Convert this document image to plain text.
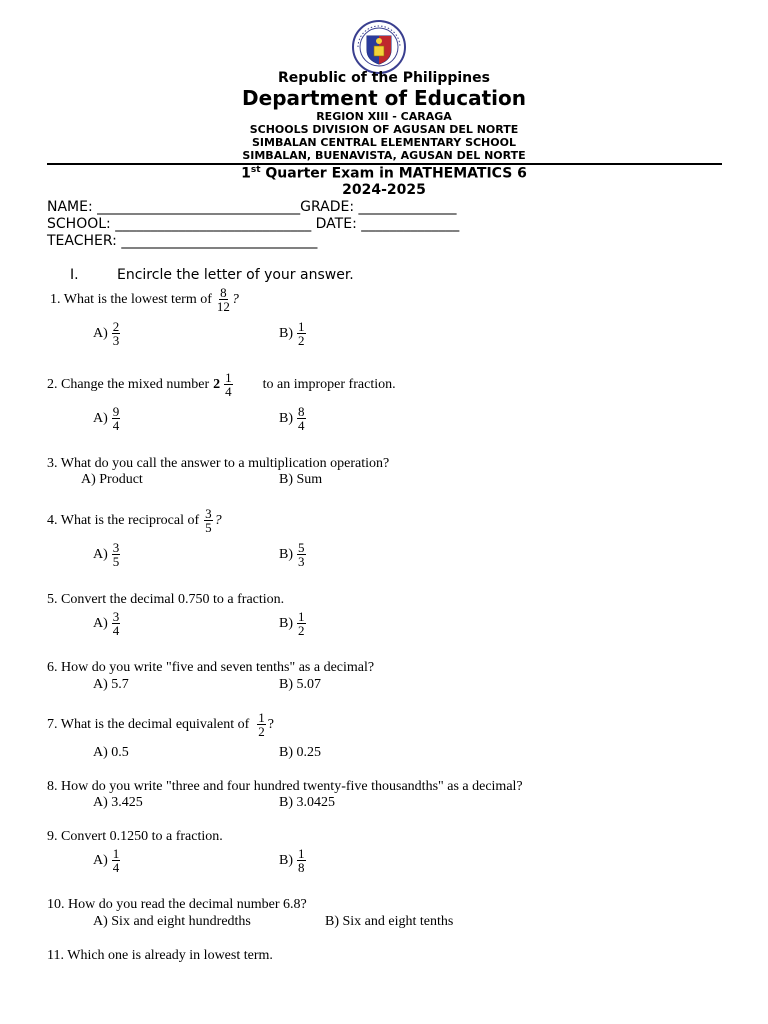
Republic of the Philippines
Department of Education
REGION XIII - CARAGA
SCHOOLS DIVISION OF AGUSAN DEL NORTE
SIMBALAN CENTRAL ELEMENTARY SCHOOL
SIMBALAN, BUENAVISTA, AGUSAN DEL NORTE
1st Quarter Exam in MATHEMATICS 6
2024-2025
NAME: _____________________________GRADE: ______________
SCHOOL: ____________________________ DATE: ______________
TEACHER: ____________________________
I.	Encircle the letter of your answer.
1. What is the lowest term of $\frac{8}{12}$ ?
$A) \frac{2}{3}$	$B) \frac{1}{2}$
2. Change the mixed number $2 \frac{1}{4}$ to an improper fraction.
$A) \frac{9}{4}$	$B) \frac{8}{4}$
3. What do you call the answer to a multiplication operation?
A) Product	B) Sum
4. What is the reciprocal of $\frac{3}{5}$ ?
$A) \frac{3}{5}$	$B) \frac{5}{3}$
5. Convert the decimal 0.750 to a fraction.
$A) \frac{3}{4}$	$B) \frac{1}{2}$
6. How do you write "five and seven tenths" as a decimal?
A) 5.7	B) 5.07
7. What is the decimal equivalent of $\frac{1}{2}$ ?
A) 0.5	B) 0.25
8. How do you write "three and four hundred twenty-five thousandths" as a decimal?
A) 3.425	B) 3.0425
9. Convert 0.1250 to a fraction.
$A) \frac{1}{4}$	$B) \frac{1}{8}$
10. How do you read the decimal number 6.8?
A) Six and eight hundredths	B) Six and eight tenths
11. Which one is already in lowest term.
